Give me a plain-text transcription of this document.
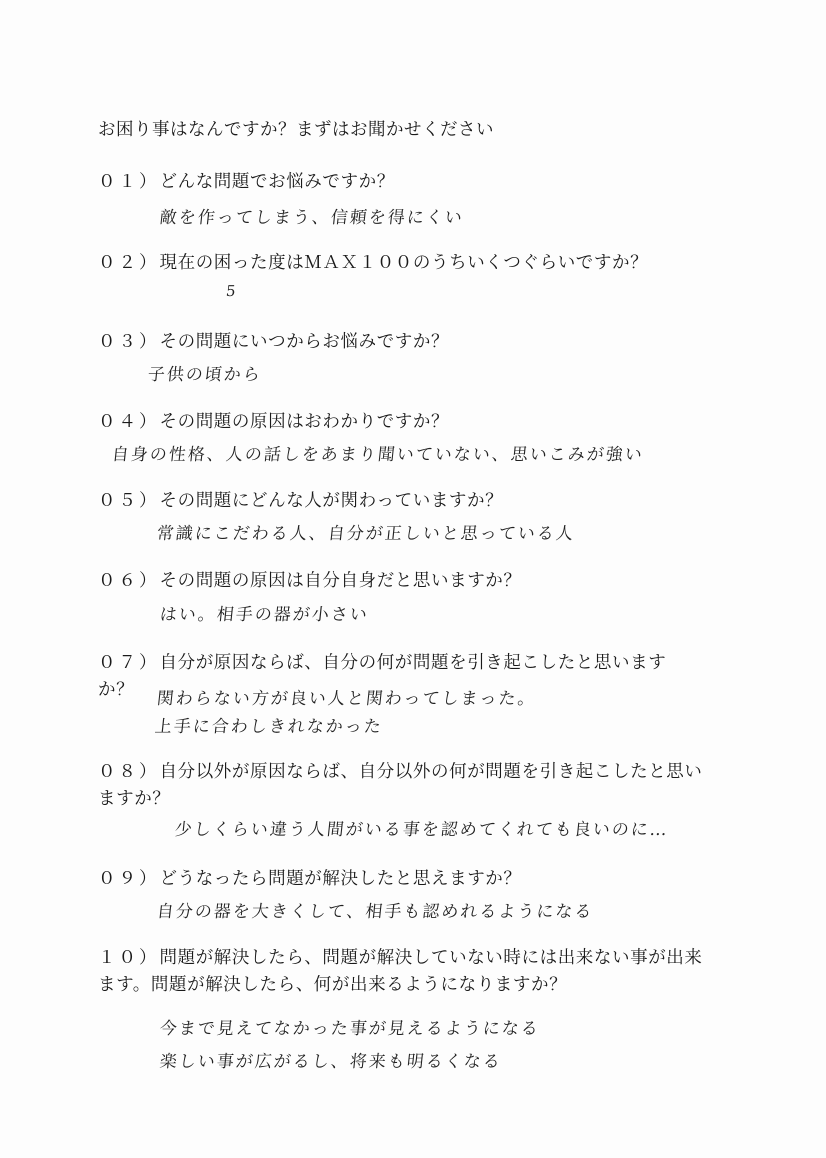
お困り事はなんですか？まずはお聞かせください
０１）どんな問題でお悩みですか？
敵を作ってしまう、信頼を得にくい
０２）現在の困った度はＭＡＸ１００のうちいくつぐらいですか？
5
０３）その問題にいつからお悩みですか？
子供の頃から
０４）その問題の原因はおわかりですか？
自身の性格、人の話しをあまり聞いていない、思いこみが強い
０５）その問題にどんな人が関わっていますか？
常識にこだわる人、自分が正しいと思っている人
０６）その問題の原因は自分自身だと思いますか？
はい。相手の器が小さい
０７）自分が原因ならば、自分の何が問題を引き起こしたと思いますか？	関わらない方が良い人と関わってしまった。
上手に合わしきれなかった
０８）自分以外が原因ならば、自分以外の何が問題を引き起こしたと思いますか？
少しくらい違う人間がいる事を認めてくれても良いのに…
０９）どうなったら問題が解決したと思えますか？
自分の器を大きくして、相手も認めれるようになる
１０）問題が解決したら、問題が解決していない時には出来ない事が出来ます。問題が解決したら、何が出来るようになりますか？
今まで見えてなかった事が見えるようになる
楽しい事が広がるし、将来も明るくなる
